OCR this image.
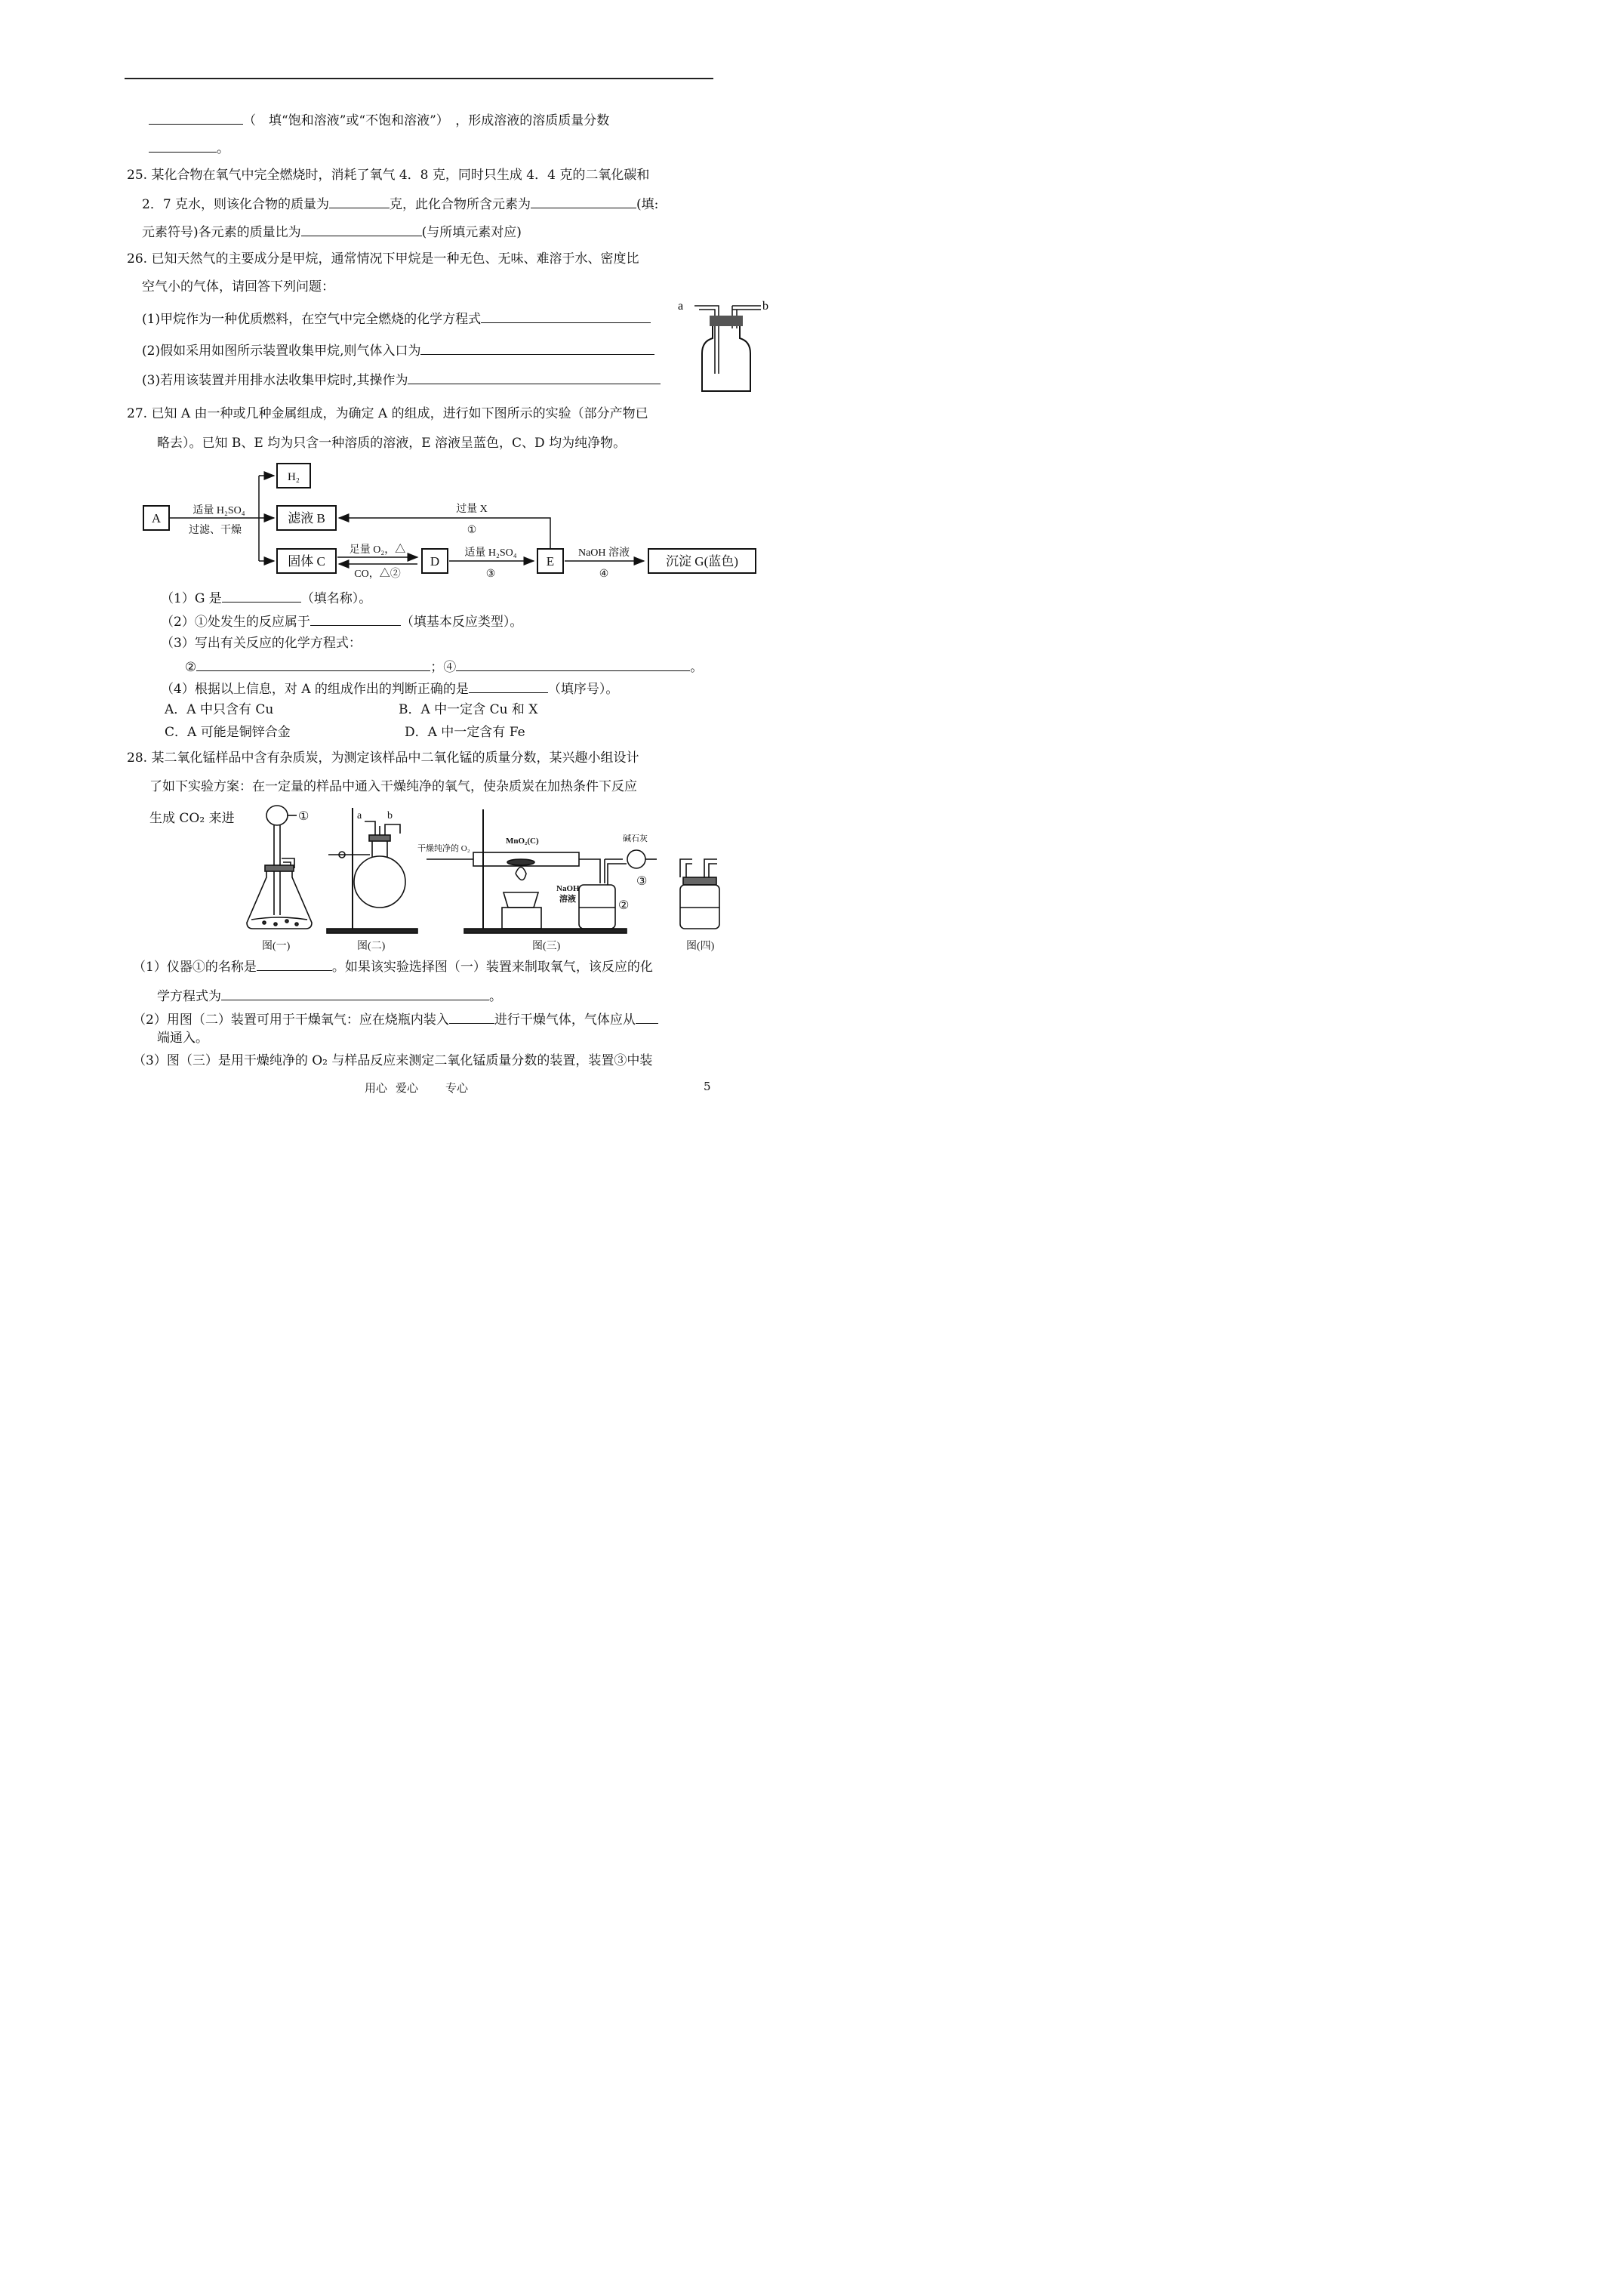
（　填“饱和溶液”或“不饱和溶液”）　，形成溶液的溶质质量分数
。
25. 某化合物在氧气中完全燃烧时，消耗了氧气 4．8 克，同时只生成 4．4 克的二氧化碳和
2．7 克水，则该化合物的质量为	克，此化合物所含元素为	(填:
元素符号)各元素的质量比为	(与所填元素对应)
26. 已知天然气的主要成分是甲烷，通常情况下甲烷是一种无色、无味、难溶于水、密度比
空气小的气体，请回答下列问题：
(1)甲烷作为一种优质燃料，在空气中完全燃烧的化学方程式
(2)假如采用如图所示装置收集甲烷,则气体入口为
(3)若用该装置并用排水法收集甲烷时,其操作为
a	b
27. 已知 A 由一种或几种金属组成，为确定 A 的组成，进行如下图所示的实验（部分产物已
略去）。已知 B、E 均为只含一种溶质的溶液，E 溶液呈蓝色，C、D 均为纯净物。
A
适量 H₂SO₄
过滤、干燥
H₂
滤液 B
固体 C
足量 O₂，△
CO，△②
D
适量 H₂SO₄
③
E
过量 X
①
NaOH 溶液
④
沉淀 G(蓝色)
（1）G 是	（填名称）。
（2）①处发生的反应属于	（填基本反应类型）。
（3）写出有关反应的化学方程式：
②	；④	。
（4）根据以上信息，对 A 的组成作出的判断正确的是	（填序号）。
A．A 中只含有 Cu	B．A 中一定含 Cu 和 X
C．A 可能是铜锌合金	D．A 中一定含有 Fe
28. 某二氧化锰样品中含有杂质炭，为测定该样品中二氧化锰的质量分数，某兴趣小组设计
了如下实验方案：在一定量的样品中通入干燥纯净的氧气，使杂质炭在加热条件下反应
生成 CO₂ 来进	①
图(一)
a b
图(二)
干燥纯净的 O₂
MnO₂(C)
NaOH
溶液	②
碱石灰
③
图(三)	图(四)
（1）仪器①的名称是	。如果该实验选择图（一）装置来制取氧气，该反应的化
学方程式为	。
（2）用图（二）装置可用于干燥氧气：应在烧瓶内装入	进行干燥气体，气体应从
端通入。
（3）图（三）是用干燥纯净的 O₂ 与样品反应来测定二氧化锰质量分数的装置，装置③中装
用心 爱心 专心	5
